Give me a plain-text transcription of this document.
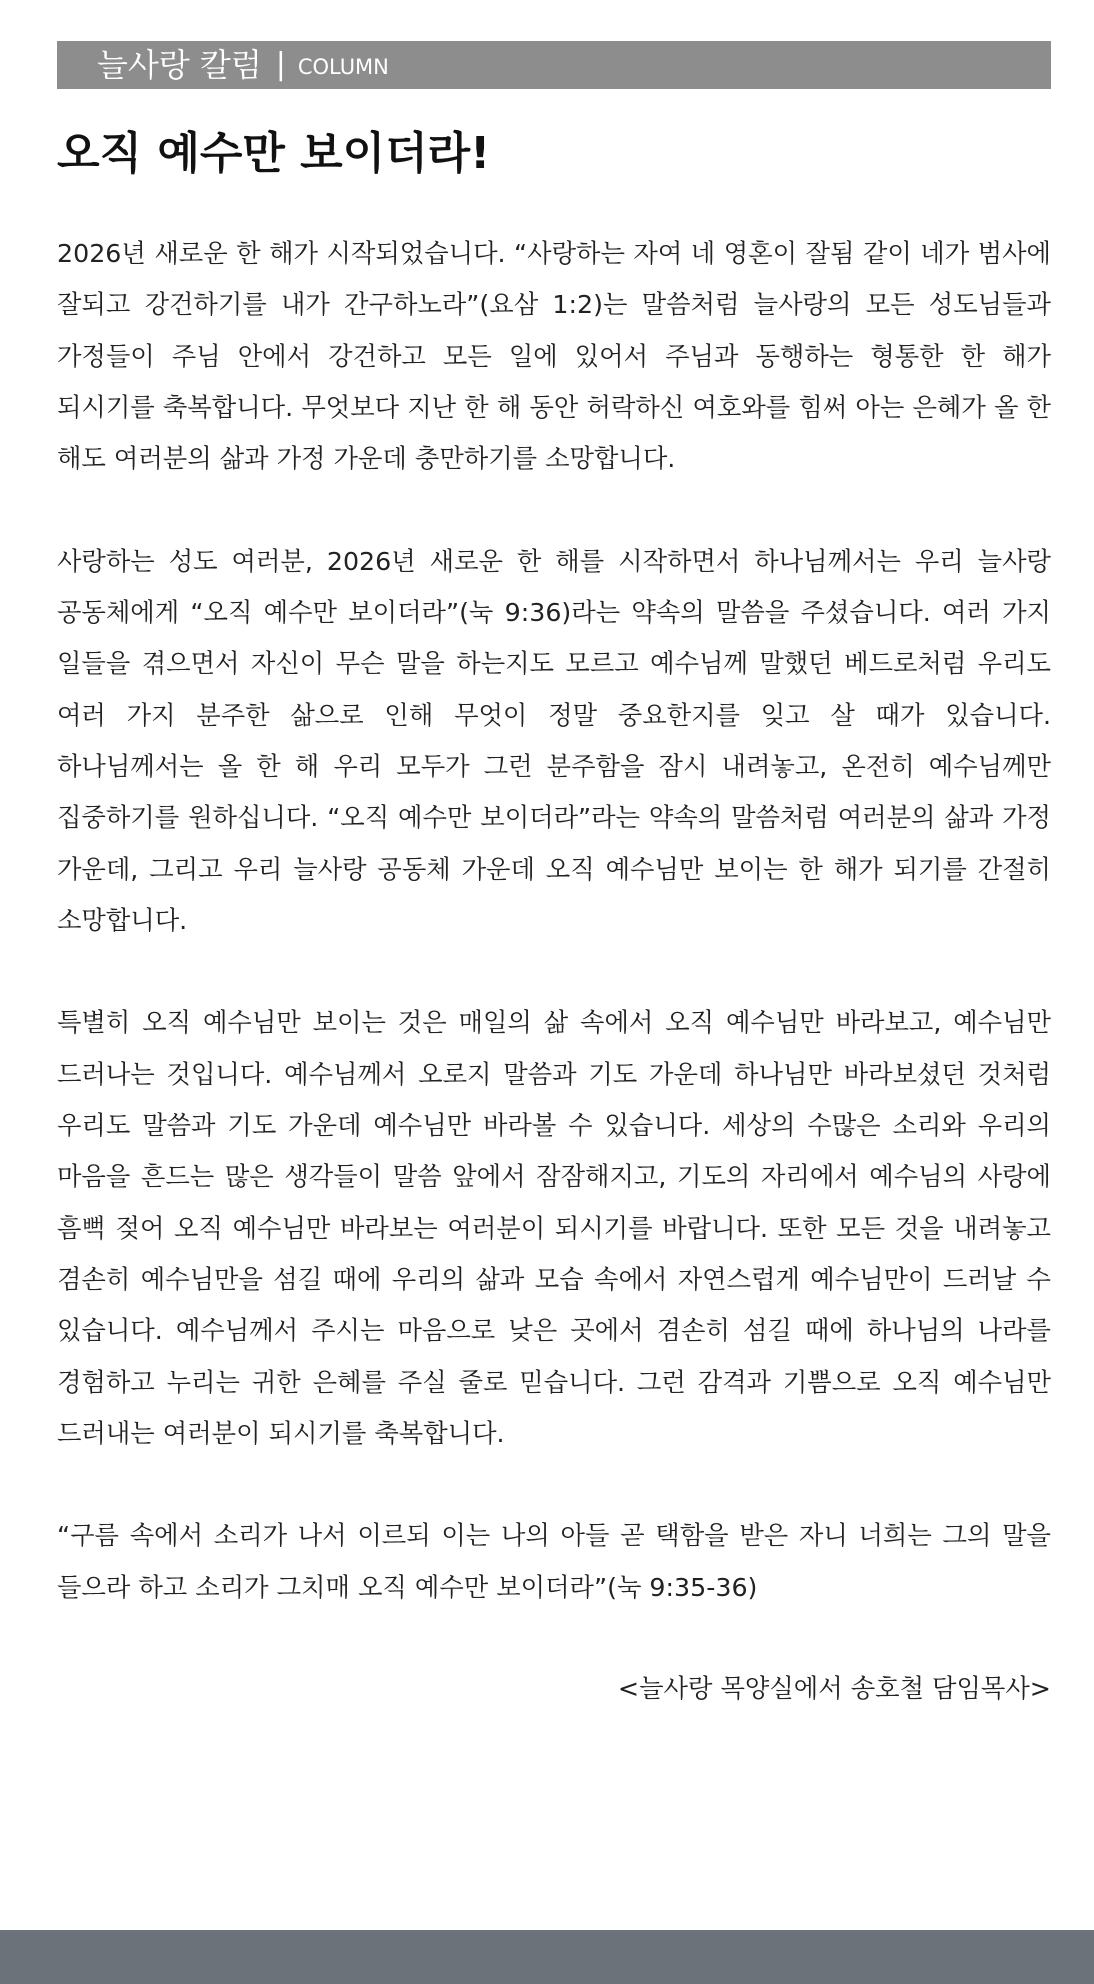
늘사랑 칼럼 | COLUMN
오직 예수만 보이더라!

2026년 새로운 한 해가 시작되었습니다. “사랑하는 자여 네 영혼이 잘됨 같이 네가 범사에 잘되고 강건하기를 내가 간구하노라”(요삼 1:2)는 말씀처럼 늘사랑의 모든 성도님들과 가정들이 주님 안에서 강건하고 모든 일에 있어서 주님과 동행하는 형통한 한 해가 되시기를 축복합니다. 무엇보다 지난 한 해 동안 허락하신 여호와를 힘써 아는 은혜가 올 한 해도 여러분의 삶과 가정 가운데 충만하기를 소망합니다.

사랑하는 성도 여러분, 2026년 새로운 한 해를 시작하면서 하나님께서는 우리 늘사랑 공동체에게 “오직 예수만 보이더라”(눅 9:36)라는 약속의 말씀을 주셨습니다. 여러 가지 일들을 겪으면서 자신이 무슨 말을 하는지도 모르고 예수님께 말했던 베드로처럼 우리도 여러 가지 분주한 삶으로 인해 무엇이 정말 중요한지를 잊고 살 때가 있습니다. 하나님께서는 올 한 해 우리 모두가 그런 분주함을 잠시 내려놓고, 온전히 예수님께만 집중하기를 원하십니다. “오직 예수만 보이더라”라는 약속의 말씀처럼 여러분의 삶과 가정 가운데, 그리고 우리 늘사랑 공동체 가운데 오직 예수님만 보이는 한 해가 되기를 간절히 소망합니다.

특별히 오직 예수님만 보이는 것은 매일의 삶 속에서 오직 예수님만 바라보고, 예수님만 드러나는 것입니다. 예수님께서 오로지 말씀과 기도 가운데 하나님만 바라보셨던 것처럼 우리도 말씀과 기도 가운데 예수님만 바라볼 수 있습니다. 세상의 수많은 소리와 우리의 마음을 흔드는 많은 생각들이 말씀 앞에서 잠잠해지고, 기도의 자리에서 예수님의 사랑에 흠뻑 젖어 오직 예수님만 바라보는 여러분이 되시기를 바랍니다. 또한 모든 것을 내려놓고 겸손히 예수님만을 섬길 때에 우리의 삶과 모습 속에서 자연스럽게 예수님만이 드러날 수 있습니다. 예수님께서 주시는 마음으로 낮은 곳에서 겸손히 섬길 때에 하나님의 나라를 경험하고 누리는 귀한 은혜를 주실 줄로 믿습니다. 그런 감격과 기쁨으로 오직 예수님만 드러내는 여러분이 되시기를 축복합니다.

“구름 속에서 소리가 나서 이르되 이는 나의 아들 곧 택함을 받은 자니 너희는 그의 말을 들으라 하고 소리가 그치매 오직 예수만 보이더라”(눅 9:35-36)

<늘사랑 목양실에서 송호철 담임목사>
